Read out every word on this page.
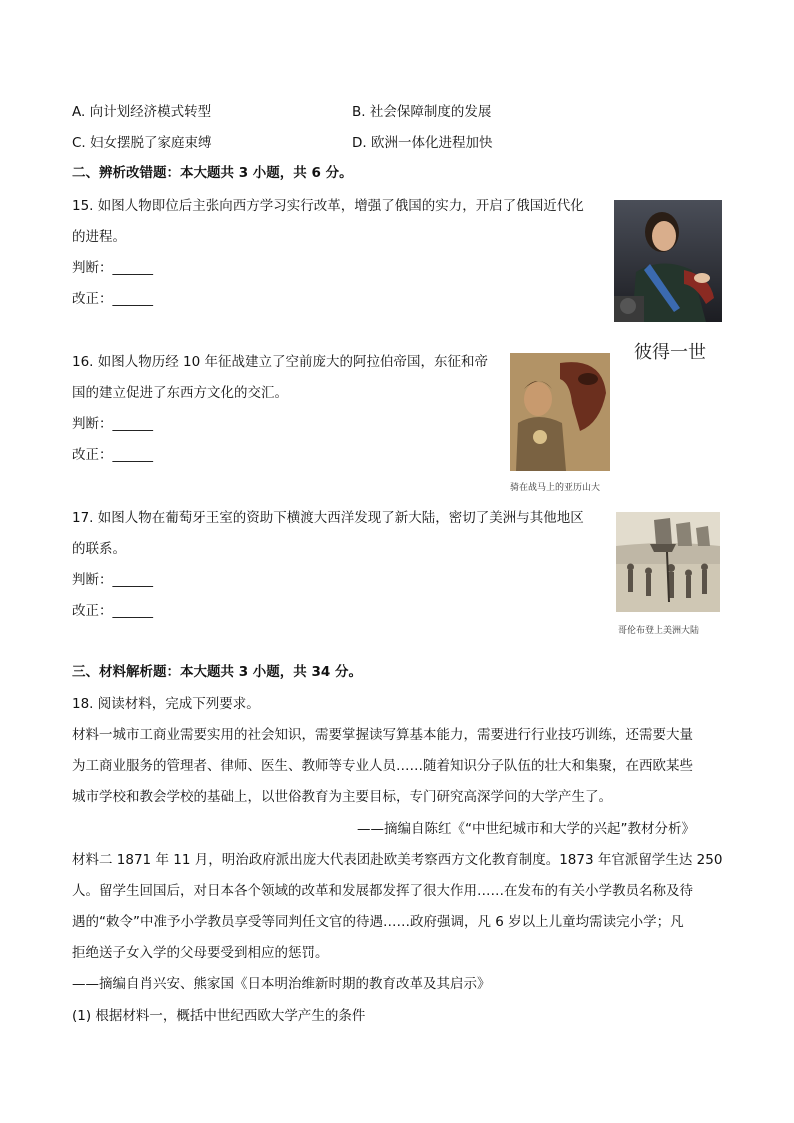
A. 向计划经济模式转型	B. 社会保障制度的发展
C. 妇女摆脱了家庭束缚	D. 欧洲一体化进程加快
二、辨析改错题：本大题共 3 小题，共 6 分。
15. 如图人物即位后主张向西方学习实行改革，增强了俄国的实力，开启了俄国近代化
的进程。
判断：______
改正：______
彼得一世
16. 如图人物历经 10 年征战建立了空前庞大的阿拉伯帝国，东征和帝
国的建立促进了东西方文化的交汇。
判断：______
改正：______
骑在战马上的亚历山大
17. 如图人物在葡萄牙王室的资助下横渡大西洋发现了新大陆，密切了美洲与其他地区
的联系。
判断：______
改正：______
哥伦布登上美洲大陆
三、材料解析题：本大题共 3 小题，共 34 分。
18. 阅读材料，完成下列要求。
材料一城市工商业需要实用的社会知识，需要掌握读写算基本能力，需要进行行业技巧训练，还需要大量
为工商业服务的管理者、律师、医生、教师等专业人员……随着知识分子队伍的壮大和集聚，在西欧某些
城市学校和教会学校的基础上，以世俗教育为主要目标，专门研究高深学问的大学产生了。
——摘编自陈红《“中世纪城市和大学的兴起”教材分析》
材料二 1871 年 11 月，明治政府派出庞大代表团赴欧美考察西方文化教育制度。1873 年官派留学生达 250
人。留学生回国后，对日本各个领域的改革和发展都发挥了很大作用……在发布的有关小学教员名称及待
遇的“敕令”中准予小学教员享受等同判任文官的待遇……政府强调，凡 6 岁以上儿童均需读完小学；凡
拒绝送子女入学的父母要受到相应的惩罚。
——摘编自肖兴安、熊家国《日本明治维新时期的教育改革及其启示》
(1) 根据材料一，概括中世纪西欧大学产生的条件
